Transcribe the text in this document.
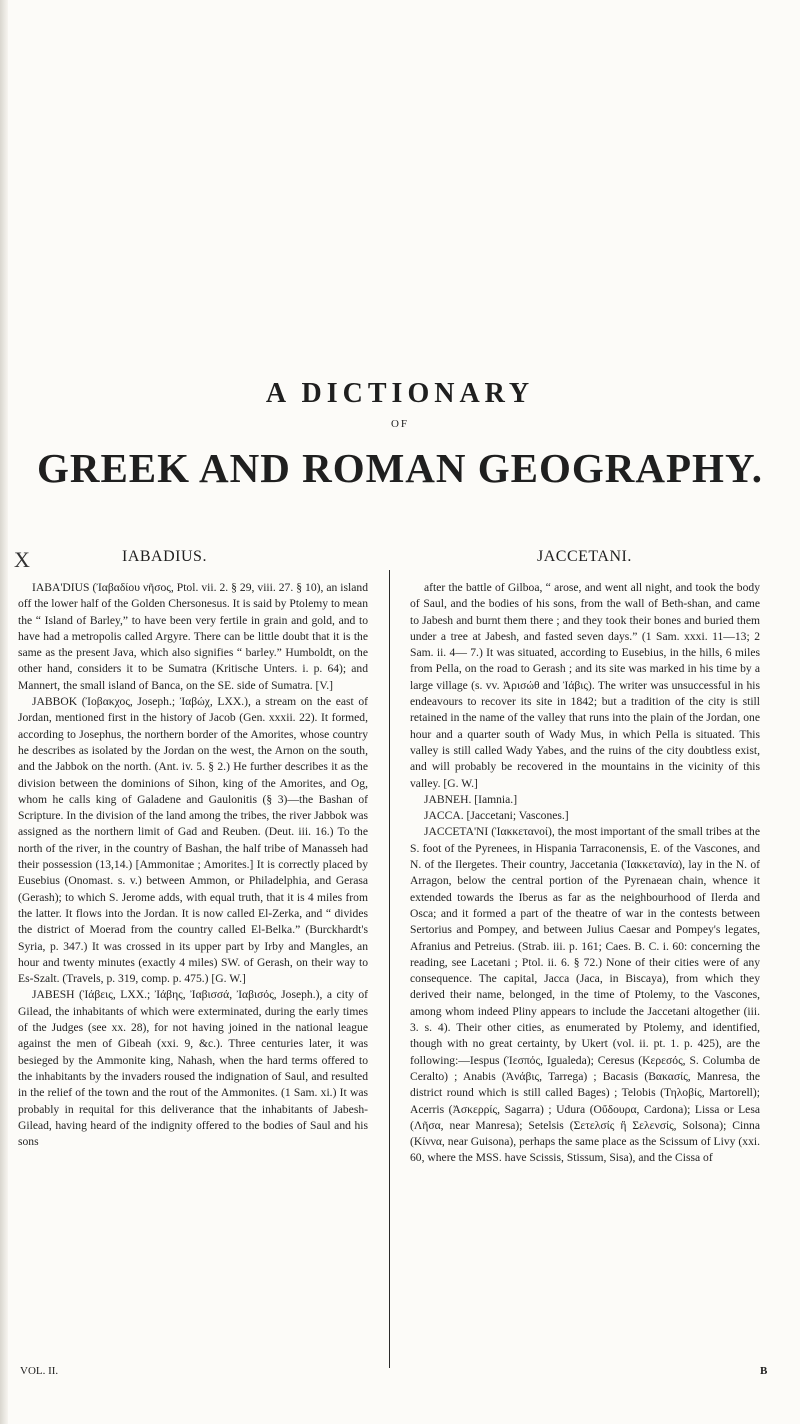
A DICTIONARY
OF
GREEK AND ROMAN GEOGRAPHY.
X	IABADIUS.	JACCETANI.

IABA'DIUS (Ἰαβαδίου νῆσος, Ptol. vii. 2. § 29, viii. 27. § 10), an island off the lower half of the Golden Chersonesus. It is said by Ptolemy to mean the “ Island of Barley,” to have been very fertile in grain and gold, and to have had a metropolis called Argyre. There can be little doubt that it is the same as the present Java, which also signifies “ barley.” Humboldt, on the other hand, considers it to be Sumatra (Kritische Unters. i. p. 64); and Mannert, the small island of Banca, on the SE. side of Sumatra. [V.]

JABBOK (Ἰοβακχος, Joseph.; Ἰαβώχ, LXX.), a stream on the east of Jordan, mentioned first in the history of Jacob (Gen. xxxii. 22). It formed, according to Josephus, the northern border of the Amorites, whose country he describes as isolated by the Jordan on the west, the Arnon on the south, and the Jabbok on the north. (Ant. iv. 5. § 2.) He further describes it as the division between the dominions of Sihon, king of the Amorites, and Og, whom he calls king of Galadene and Gaulonitis (§ 3)—the Bashan of Scripture. In the division of the land among the tribes, the river Jabbok was assigned as the northern limit of Gad and Reuben. (Deut. iii. 16.) To the north of the river, in the country of Bashan, the half tribe of Manasseh had their possession (13,14.) [Ammonitae ; Amorites.] It is correctly placed by Eusebius (Onomast. s. v.) between Ammon, or Philadelphia, and Gerasa (Gerash); to which S. Jerome adds, with equal truth, that it is 4 miles from the latter. It flows into the Jordan. It is now called El-Zerka, and “ divides the district of Moerad from the country called El-Belka.” (Burckhardt's Syria, p. 347.) It was crossed in its upper part by Irby and Mangles, an hour and twenty minutes (exactly 4 miles) SW. of Gerash, on their way to Es-Szalt. (Travels, p. 319, comp. p. 475.) [G. W.]

JABESH (Ἰάβεις, LXX.; Ἰάβης, Ἰαβισσά, Ἰαβισός, Joseph.), a city of Gilead, the inhabitants of which were exterminated, during the early times of the Judges (see xx. 28), for not having joined in the national league against the men of Gibeah (xxi. 9, &c.). Three centuries later, it was besieged by the Ammonite king, Nahash, when the hard terms offered to the inhabitants by the invaders roused the indignation of Saul, and resulted in the relief of the town and the rout of the Ammonites. (1 Sam. xi.) It was probably in requital for this deliverance that the inhabitants of Jabesh-Gilead, having heard of the indignity offered to the bodies of Saul and his sons

after the battle of Gilboa, “ arose, and went all night, and took the body of Saul, and the bodies of his sons, from the wall of Beth-shan, and came to Jabesh and burnt them there ; and they took their bones and buried them under a tree at Jabesh, and fasted seven days.” (1 Sam. xxxi. 11—13; 2 Sam. ii. 4— 7.) It was situated, according to Eusebius, in the hills, 6 miles from Pella, on the road to Gerash ; and its site was marked in his time by a large village (s. vv. Ἀρισώθ and Ἰάβις). The writer was unsuccessful in his endeavours to recover its site in 1842; but a tradition of the city is still retained in the name of the valley that runs into the plain of the Jordan, one hour and a quarter south of Wady Mus, in which Pella is situated. This valley is still called Wady Yabes, and the ruins of the city doubtless exist, and will probably be recovered in the mountains in the vicinity of this valley. [G. W.]

JABNEH. [Iamnia.]

JACCA. [Jaccetani; Vascones.]

JACCETA'NI (Ἰακκετανοί), the most important of the small tribes at the S. foot of the Pyrenees, in Hispania Tarraconensis, E. of the Vascones, and N. of the Ilergetes. Their country, Jaccetania (Ἰακκετανία), lay in the N. of Arragon, below the central portion of the Pyrenaean chain, whence it extended towards the Iberus as far as the neighbourhood of Ilerda and Osca; and it formed a part of the theatre of war in the contests between Sertorius and Pompey, and between Julius Caesar and Pompey's legates, Afranius and Petreius. (Strab. iii. p. 161; Caes. B. C. i. 60: concerning the reading, see Lacetani ; Ptol. ii. 6. § 72.) None of their cities were of any consequence. The capital, Jacca (Jaca, in Biscaya), from which they derived their name, belonged, in the time of Ptolemy, to the Vascones, among whom indeed Pliny appears to include the Jaccetani altogether (iii. 3. s. 4). Their other cities, as enumerated by Ptolemy, and identified, though with no great certainty, by Ukert (vol. ii. pt. 1. p. 425), are the following:—Iespus (Ἰεσπός, Igualeda); Ceresus (Κερεσός, S. Columba de Ceralto) ; Anabis (Ἀνάβις, Tarrega) ; Bacasis (Βακασίς, Manresa, the district round which is still called Bages) ; Telobis (Τηλοβίς, Martorell); Acerris (Ἀσκερρίς, Sagarra) ; Udura (Οὔδουρα, Cardona); Lissa or Lesa (Λῆσα, near Manresa); Setelsis (Σετελσίς ἢ Σελενσίς, Solsona); Cinna (Κίννα, near Guisona), perhaps the same place as the Scissum of Livy (xxi. 60, where the MSS. have Scissis, Stissum, Sisa), and the Cissa of

VOL. II.	B
